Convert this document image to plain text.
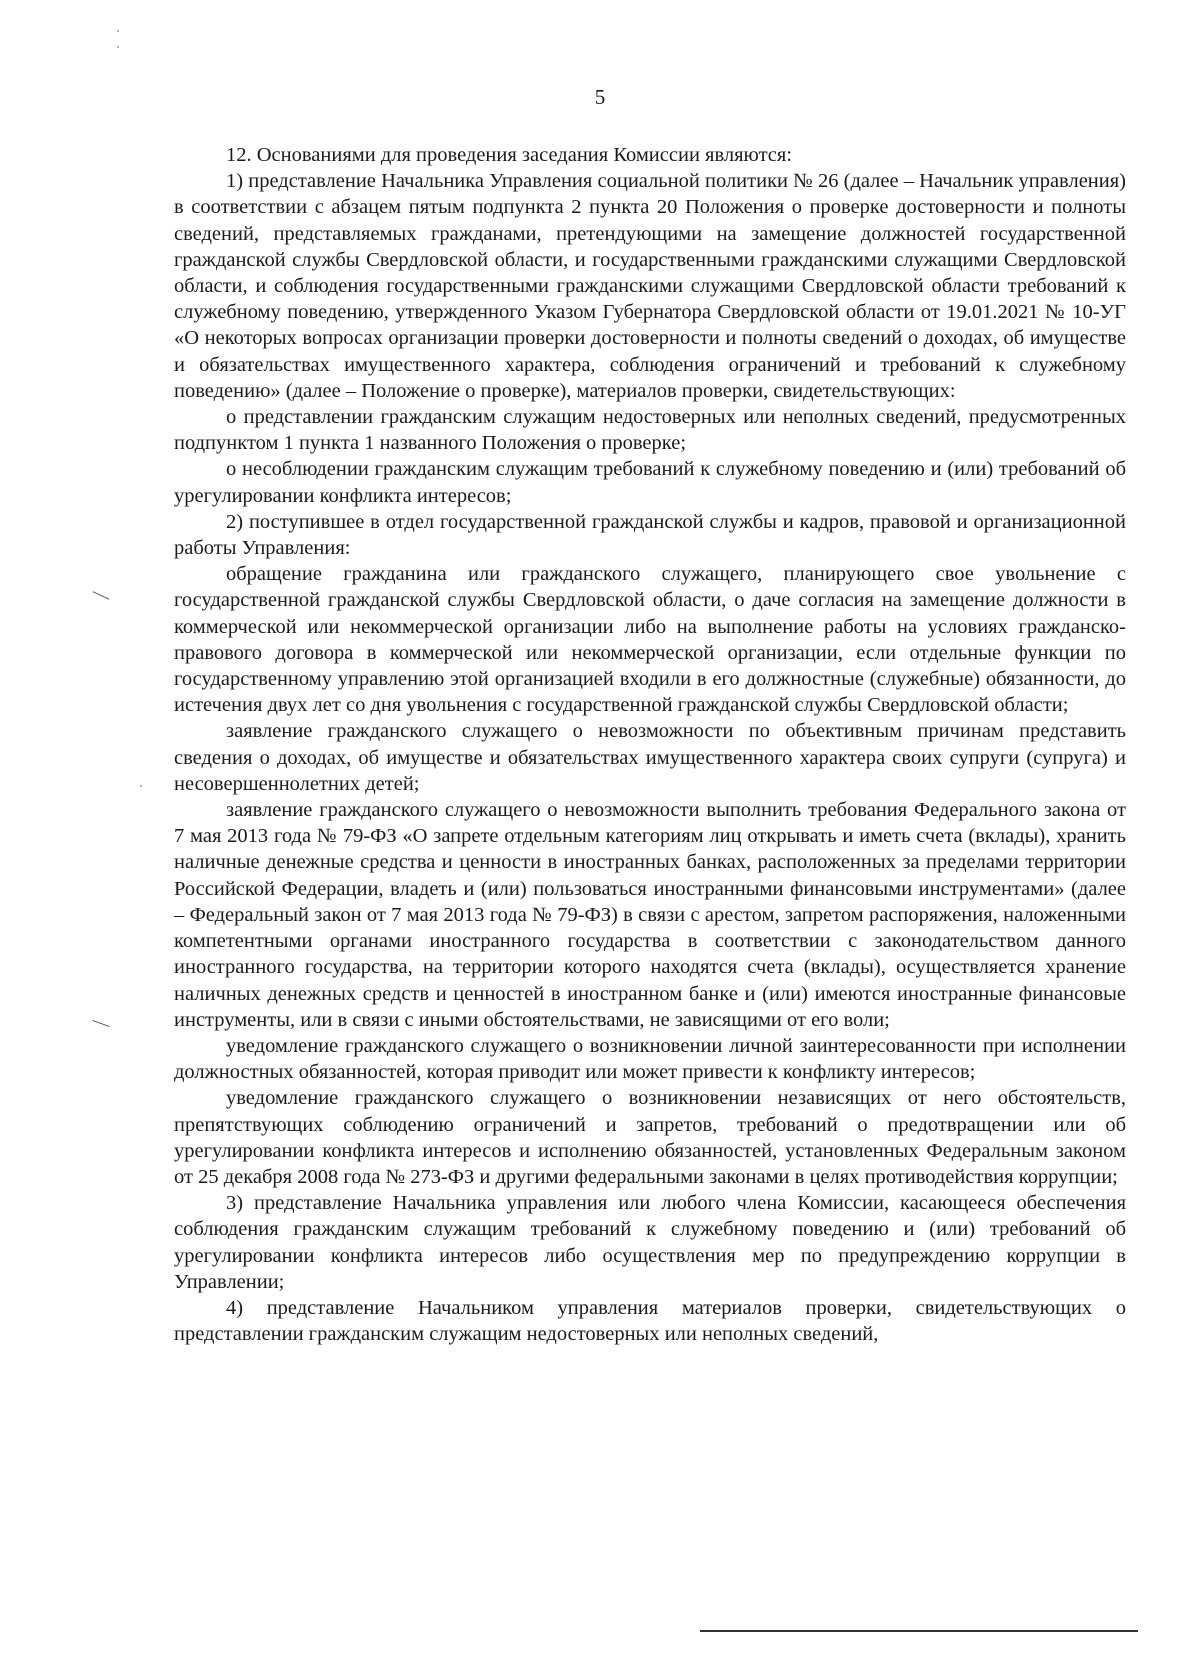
5

12. Основаниями для проведения заседания Комиссии являются:

1) представление Начальника Управления социальной политики № 26 (далее – Начальник управления) в соответствии с абзацем пятым подпункта 2 пункта 20 Положения о проверке достоверности и полноты сведений, представляемых гражданами, претендующими на замещение должностей государственной гражданской службы Свердловской области, и государственными гражданскими служащими Свердловской области, и соблюдения государственными гражданскими служащими Свердловской области требований к служебному поведению, утвержденного Указом Губернатора Свердловской области от 19.01.2021 № 10-УГ «О некоторых вопросах организации проверки достоверности и полноты сведений о доходах, об имуществе и обязательствах имущественного характера, соблюдения ограничений и требований к служебному поведению» (далее – Положение о проверке), материалов проверки, свидетельствующих:

о представлении гражданским служащим недостоверных или неполных сведений, предусмотренных подпунктом 1 пункта 1 названного Положения о проверке;

о несоблюдении гражданским служащим требований к служебному поведению и (или) требований об урегулировании конфликта интересов;

2) поступившее в отдел государственной гражданской службы и кадров, правовой и организационной работы Управления:

обращение гражданина или гражданского служащего, планирующего свое увольнение с государственной гражданской службы Свердловской области, о даче согласия на замещение должности в коммерческой или некоммерческой организации либо на выполнение работы на условиях гражданско-правового договора в коммерческой или некоммерческой организации, если отдельные функции по государственному управлению этой организацией входили в его должностные (служебные) обязанности, до истечения двух лет со дня увольнения с государственной гражданской службы Свердловской области;

заявление гражданского служащего о невозможности по объективным причинам представить сведения о доходах, об имуществе и обязательствах имущественного характера своих супруги (супруга) и несовершеннолетних детей;

заявление гражданского служащего о невозможности выполнить требования Федерального закона от 7 мая 2013 года № 79-ФЗ «О запрете отдельным категориям лиц открывать и иметь счета (вклады), хранить наличные денежные средства и ценности в иностранных банках, расположенных за пределами территории Российской Федерации, владеть и (или) пользоваться иностранными финансовыми инструментами» (далее – Федеральный закон от 7 мая 2013 года № 79-ФЗ) в связи с арестом, запретом распоряжения, наложенными компетентными органами иностранного государства в соответствии с законодательством данного иностранного государства, на территории которого находятся счета (вклады), осуществляется хранение наличных денежных средств и ценностей в иностранном банке и (или) имеются иностранные финансовые инструменты, или в связи с иными обстоятельствами, не зависящими от его воли;

уведомление гражданского служащего о возникновении личной заинтересованности при исполнении должностных обязанностей, которая приводит или может привести к конфликту интересов;

уведомление гражданского служащего о возникновении независящих от него обстоятельств, препятствующих соблюдению ограничений и запретов, требований о предотвращении или об урегулировании конфликта интересов и исполнению обязанностей, установленных Федеральным законом от 25 декабря 2008 года № 273-ФЗ и другими федеральными законами в целях противодействия коррупции;

3) представление Начальника управления или любого члена Комиссии, касающееся обеспечения соблюдения гражданским служащим требований к служебному поведению и (или) требований об урегулировании конфликта интересов либо осуществления мер по предупреждению коррупции в Управлении;

4) представление Начальником управления материалов проверки, свидетельствующих о представлении гражданским служащим недостоверных или неполных сведений,
